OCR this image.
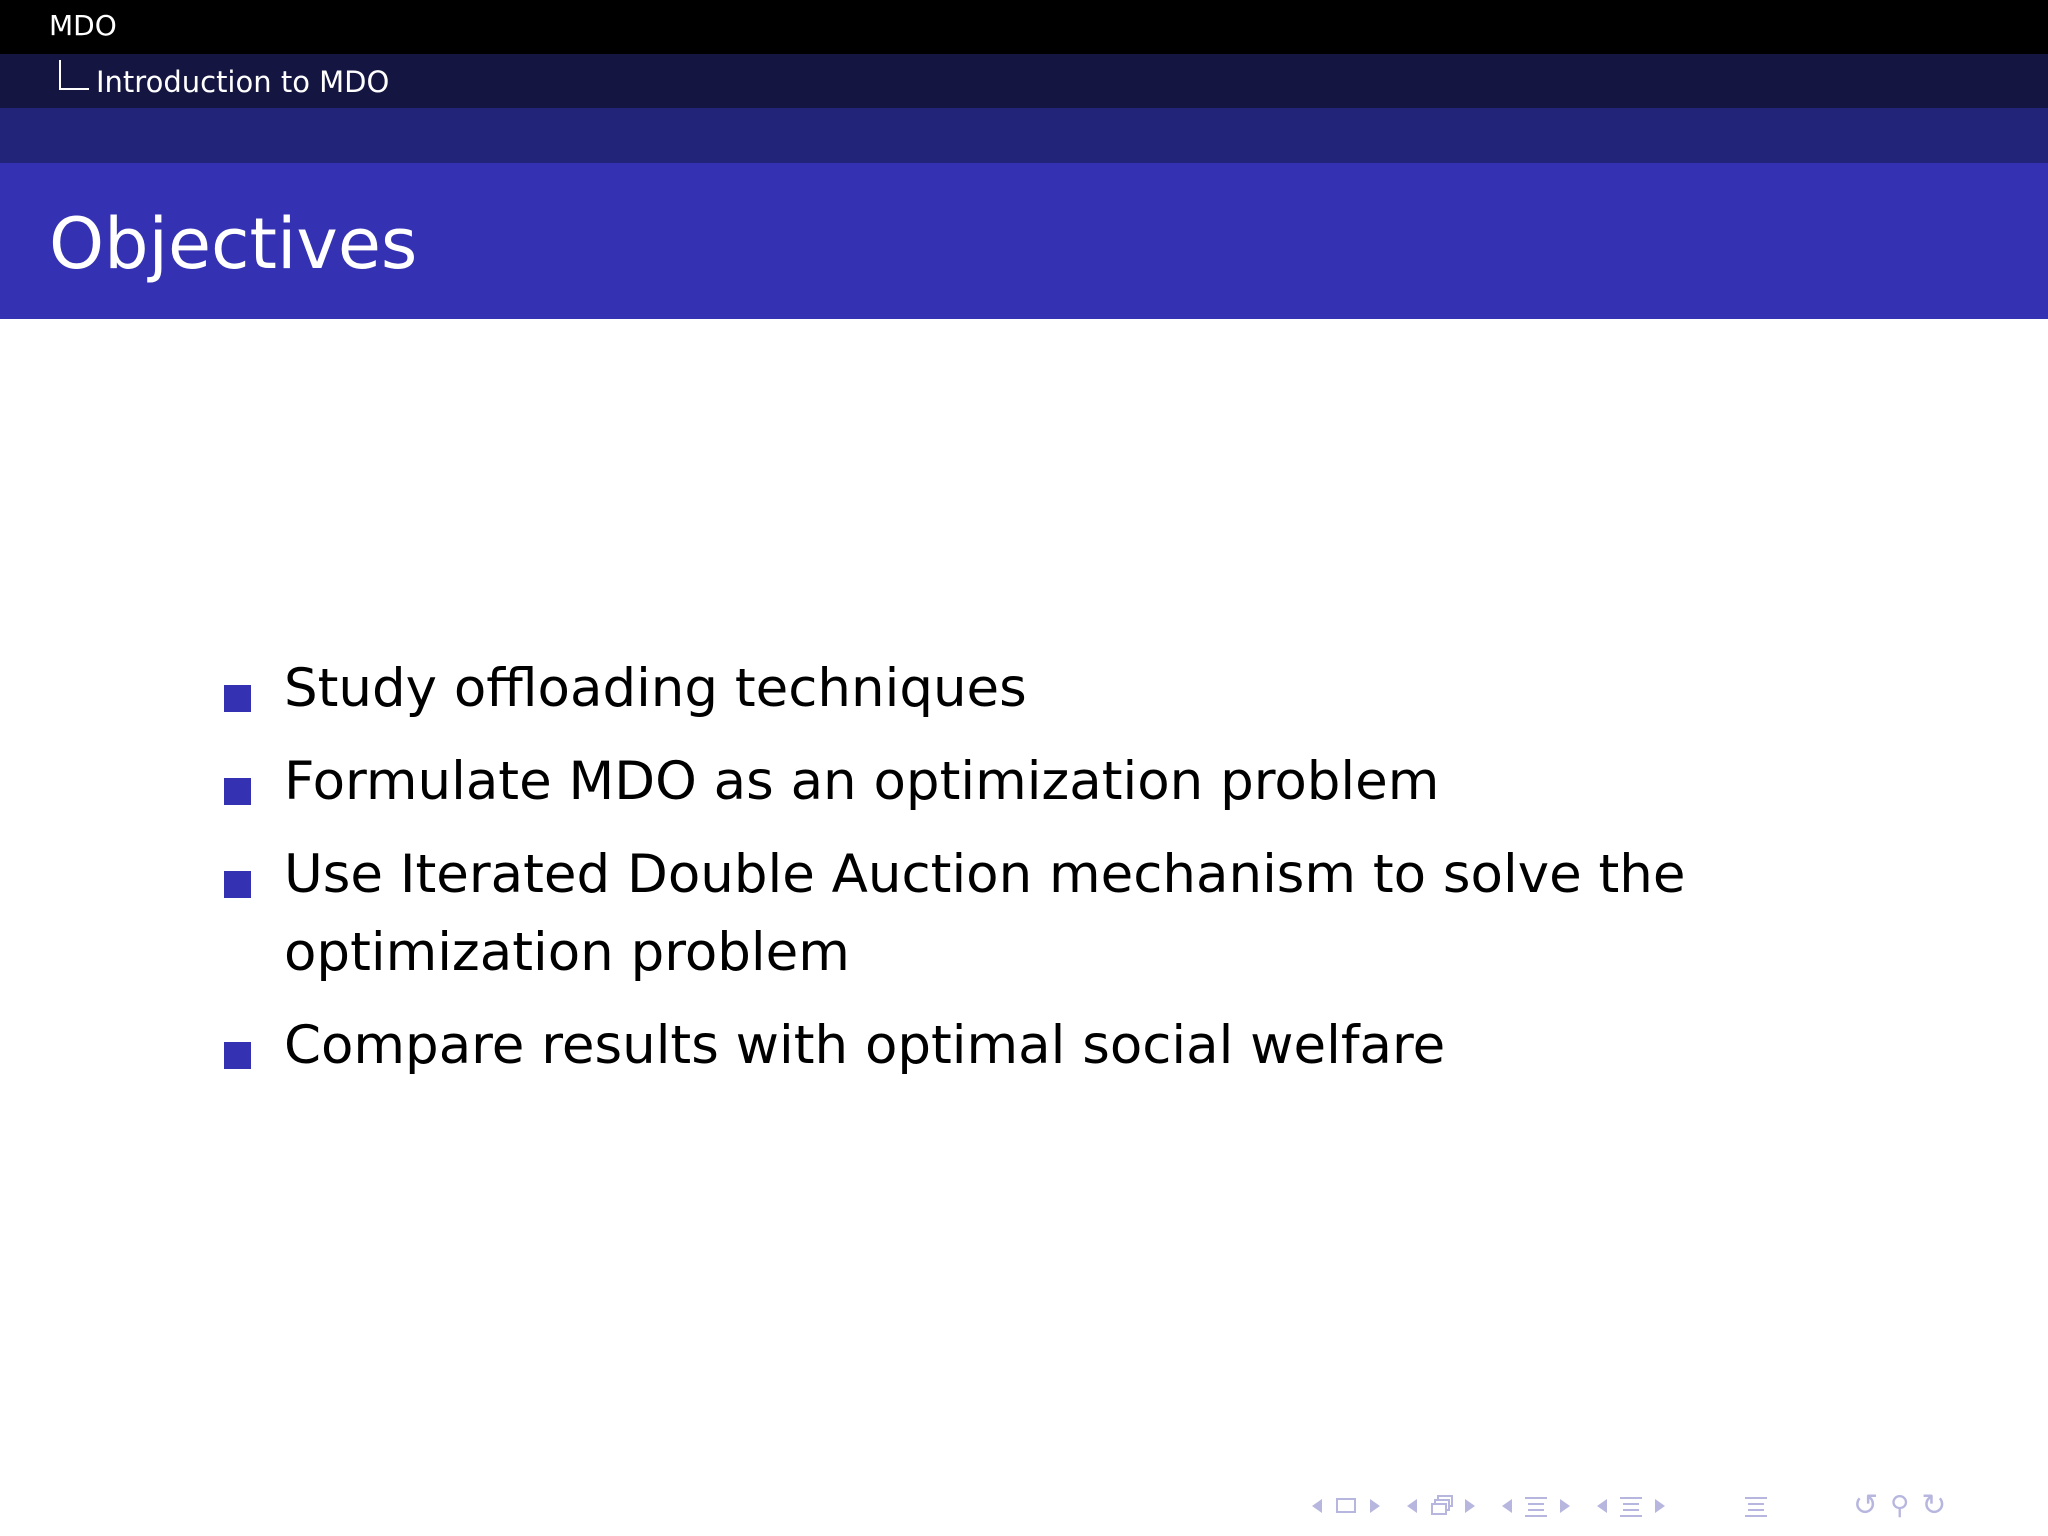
MDO
Introduction to MDO
Objectives
Study offloading techniques
Formulate MDO as an optimization problem
Use Iterated Double Auction mechanism to solve the optimization problem
Compare results with optimal social welfare
↺ ⚲ ↻
